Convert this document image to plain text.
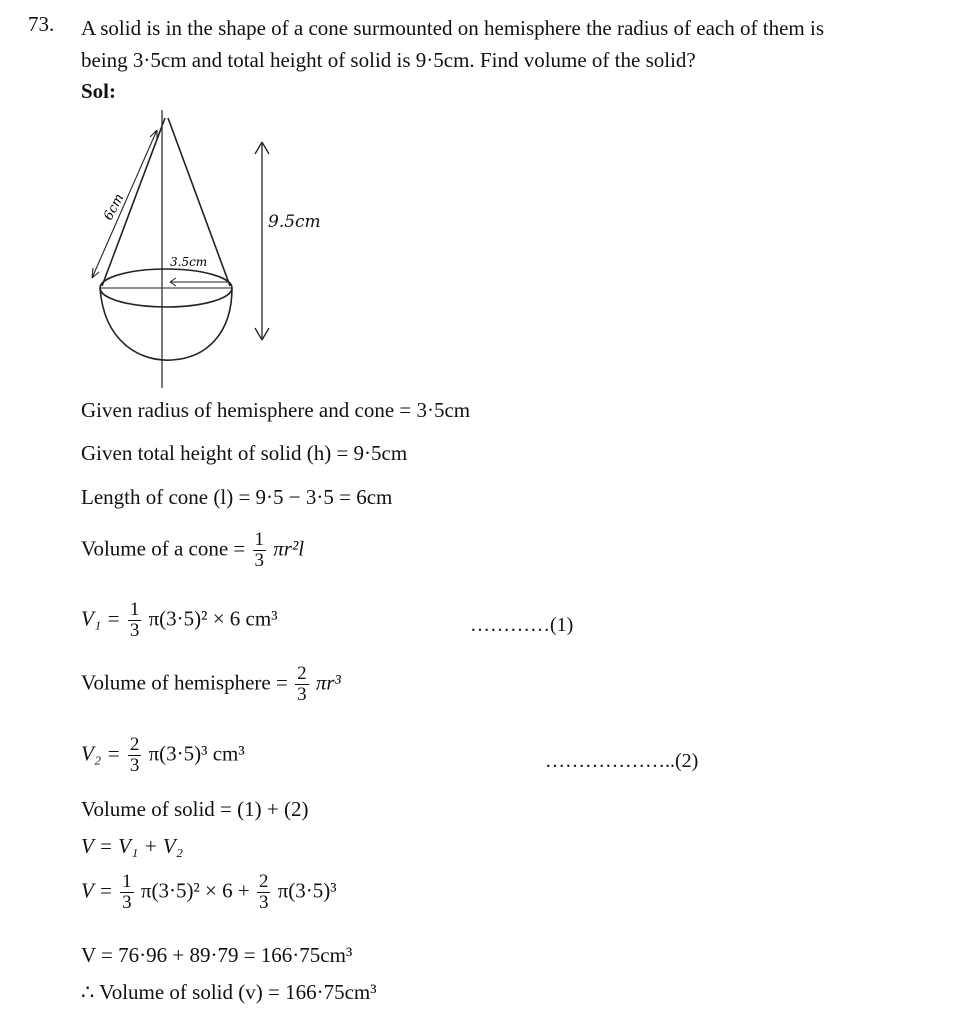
73. A solid is in the shape of a cone surmounted on hemisphere the radius of each of them is
being 3·5cm and total height of solid is 9·5cm. Find volume of the solid?
Sol:
6cm
3.5cm
9.5cm
Given radius of hemisphere and cone = 3·5cm
Given total height of solid (h) = 9·5cm
Length of cone (l) = 9·5 − 3·5 = 6cm
Volume of a cone = $\frac{1}{3} \pi r^2l$
$V_1 = \frac{1}{3} \pi(3\cdot 5)^2 \times 6$ cm³	…………(1)
Volume of hemisphere = $\frac{2}{3} \pi r^3$
$V_2 = \frac{2}{3} \pi(3\cdot 5)^3$ cm³	………………..(2)
Volume of solid = (1) + (2)
V = V₁ + V₂
$V = \frac{1}{3} \pi(3\cdot 5)^2 \times 6 + \frac{2}{3} \pi(3\cdot 5)^3$
V = 76·96 + 89·79 = 166·75cm³
∴ Volume of solid (v) = 166·75cm³
